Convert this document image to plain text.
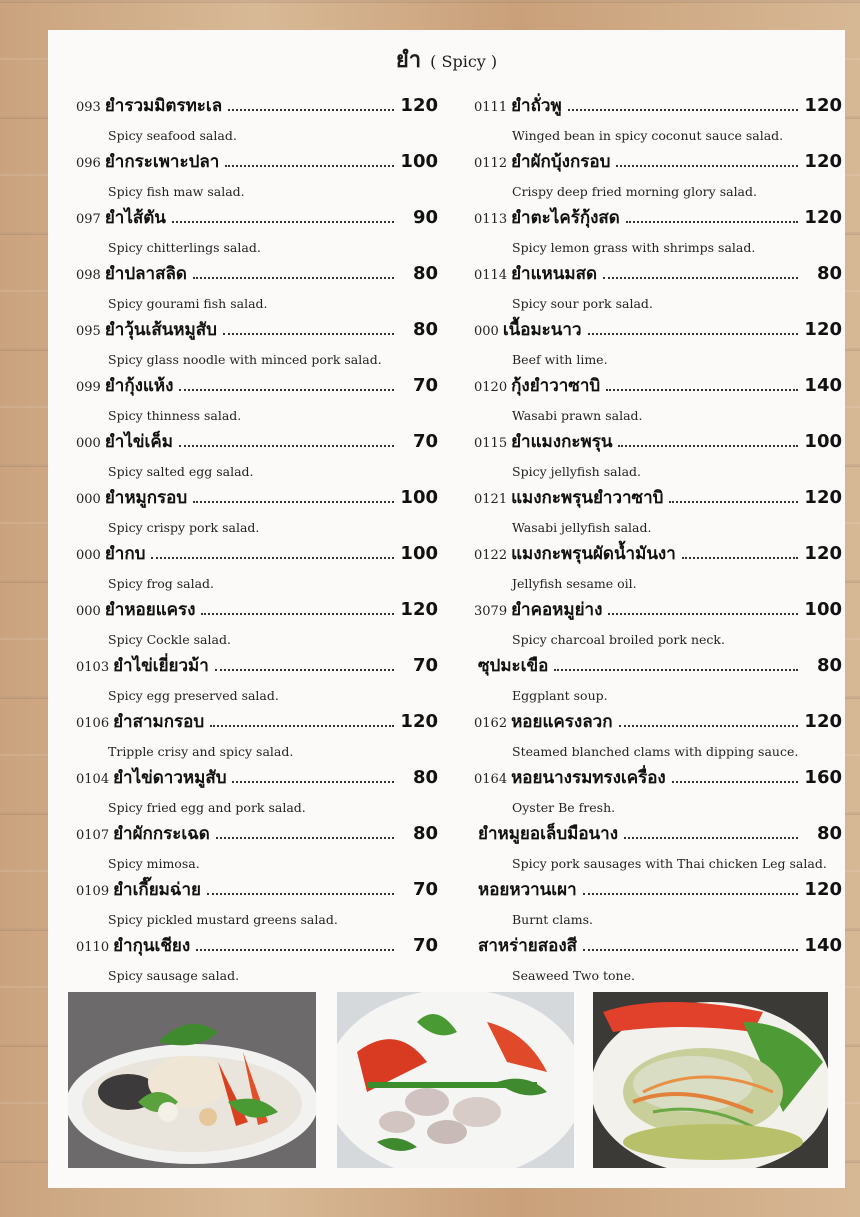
ยำ ( Spicy )
093 ยำรวมมิตรทะเล	120
Spicy seafood salad.
096 ยำกระเพาะปลา	100
Spicy fish maw salad.
097 ยำไส้ตัน	90
Spicy chitterlings salad.
098 ยำปลาสลิด	80
Spicy gourami fish salad.
095 ยำวุ้นเส้นหมูสับ	80
Spicy glass noodle with minced pork salad.
099 ยำกุ้งแห้ง	70
Spicy thinness salad.
000 ยำไข่เค็ม	70
Spicy salted egg salad.
000 ยำหมูกรอบ	100
Spicy crispy pork salad.
000 ยำกบ	100
Spicy frog salad.
000 ยำหอยแครง	120
Spicy Cockle salad.
0103 ยำไข่เยี่ยวม้า	70
Spicy egg preserved salad.
0106 ยำสามกรอบ	120
Tripple crisy and spicy salad.
0104 ยำไข่ดาวหมูสับ	80
Spicy fried egg and pork salad.
0107 ยำผักกระเฉด	80
Spicy mimosa.
0109 ยำเกี๊ยมฉ่าย	70
Spicy pickled mustard greens salad.
0110 ยำกุนเชียง	70
Spicy sausage salad.
0111 ยำถั่วพู	120
Winged bean in spicy coconut sauce salad.
0112 ยำผักบุ้งกรอบ	120
Crispy deep fried morning glory salad.
0113 ยำตะไคร้กุ้งสด	120
Spicy lemon grass with shrimps salad.
0114 ยำแหนมสด	80
Spicy sour pork salad.
000 เนื้อมะนาว	120
Beef with lime.
0120 กุ้งยำวาซาบิ	140
Wasabi prawn salad.
0115 ยำแมงกะพรุน	100
Spicy jellyfish salad.
0121 แมงกะพรุนยำวาซาบิ	120
Wasabi jellyfish salad.
0122 แมงกะพรุนผัดน้ำมันงา	120
Jellyfish sesame oil.
3079 ยำคอหมูย่าง	100
Spicy charcoal broiled pork neck.
ซุปมะเขือ	80
Eggplant soup.
0162 หอยแครงลวก	120
Steamed blanched clams with dipping sauce.
0164 หอยนางรมทรงเครื่อง	160
Oyster Be fresh.
ยำหมูยอเล็บมือนาง	80
Spicy pork sausages with Thai chicken Leg salad.
หอยหวานเผา	120
Burnt clams.
สาหร่ายสองสี	140
Seaweed Two tone.
